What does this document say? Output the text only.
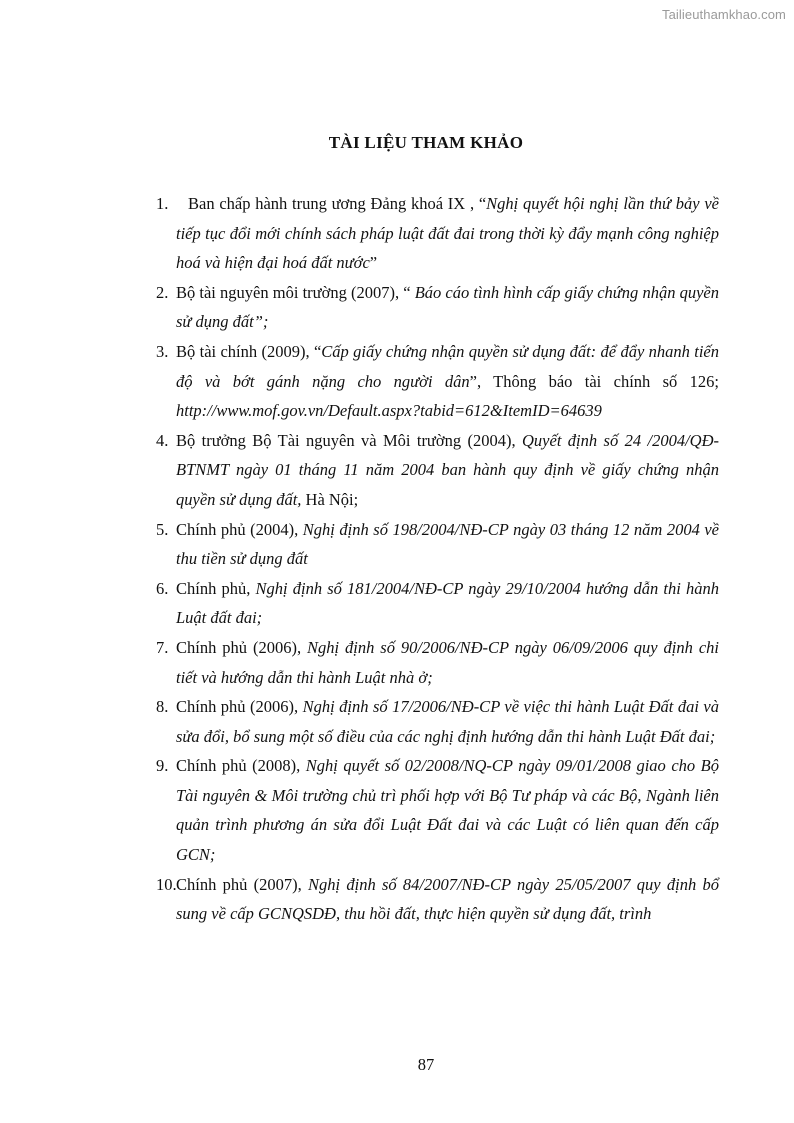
Tailieuthamkhao.com
TÀI LIỆU THAM KHẢO
1. Ban chấp hành trung ương Đảng khoá IX , “Nghị quyết hội nghị lần thứ bảy về tiếp tục đổi mới chính sách pháp luật đất đai trong thời kỳ đẩy mạnh công nghiệp hoá và hiện đại hoá đất nước”
2. Bộ tài nguyên môi trường (2007), “ Báo cáo tình hình cấp giấy chứng nhận quyền sử dụng đất”;
3. Bộ tài chính (2009), “Cấp giấy chứng nhận quyền sử dụng đất: để đẩy nhanh tiến độ và bớt gánh nặng cho người dân”, Thông báo tài chính số 126; http://www.mof.gov.vn/Default.aspx?tabid=612&ItemID=64639
4. Bộ trưởng Bộ Tài nguyên và Môi trường (2004), Quyết định số 24 /2004/QĐ-BTNMT ngày 01 tháng 11 năm 2004 ban hành quy định về giấy chứng nhận quyền sử dụng đất, Hà Nội;
5. Chính phủ (2004), Nghị định số 198/2004/NĐ-CP ngày 03 tháng 12 năm 2004 về thu tiền sử dụng đất
6. Chính phủ, Nghị định số 181/2004/NĐ-CP ngày 29/10/2004 hướng dẫn thi hành Luật đất đai;
7. Chính phủ (2006), Nghị định số 90/2006/NĐ-CP ngày 06/09/2006 quy định chi tiết và hướng dẫn thi hành Luật nhà ở;
8. Chính phủ (2006), Nghị định số 17/2006/NĐ-CP về việc thi hành Luật Đất đai và sửa đổi, bổ sung một số điều của các nghị định hướng dẫn thi hành Luật Đất đai;
9. Chính phủ (2008), Nghị quyết số 02/2008/NQ-CP ngày 09/01/2008 giao cho Bộ Tài nguyên & Môi trường chủ trì phối hợp với Bộ Tư pháp và các Bộ, Ngành liên quản trình phương án sửa đổi Luật Đất đai và các Luật có liên quan đến cấp GCN;
10. Chính phủ (2007), Nghị định số 84/2007/NĐ-CP ngày 25/05/2007 quy định bổ sung về cấp GCNQSDĐ, thu hồi đất, thực hiện quyền sử dụng đất, trình
87
